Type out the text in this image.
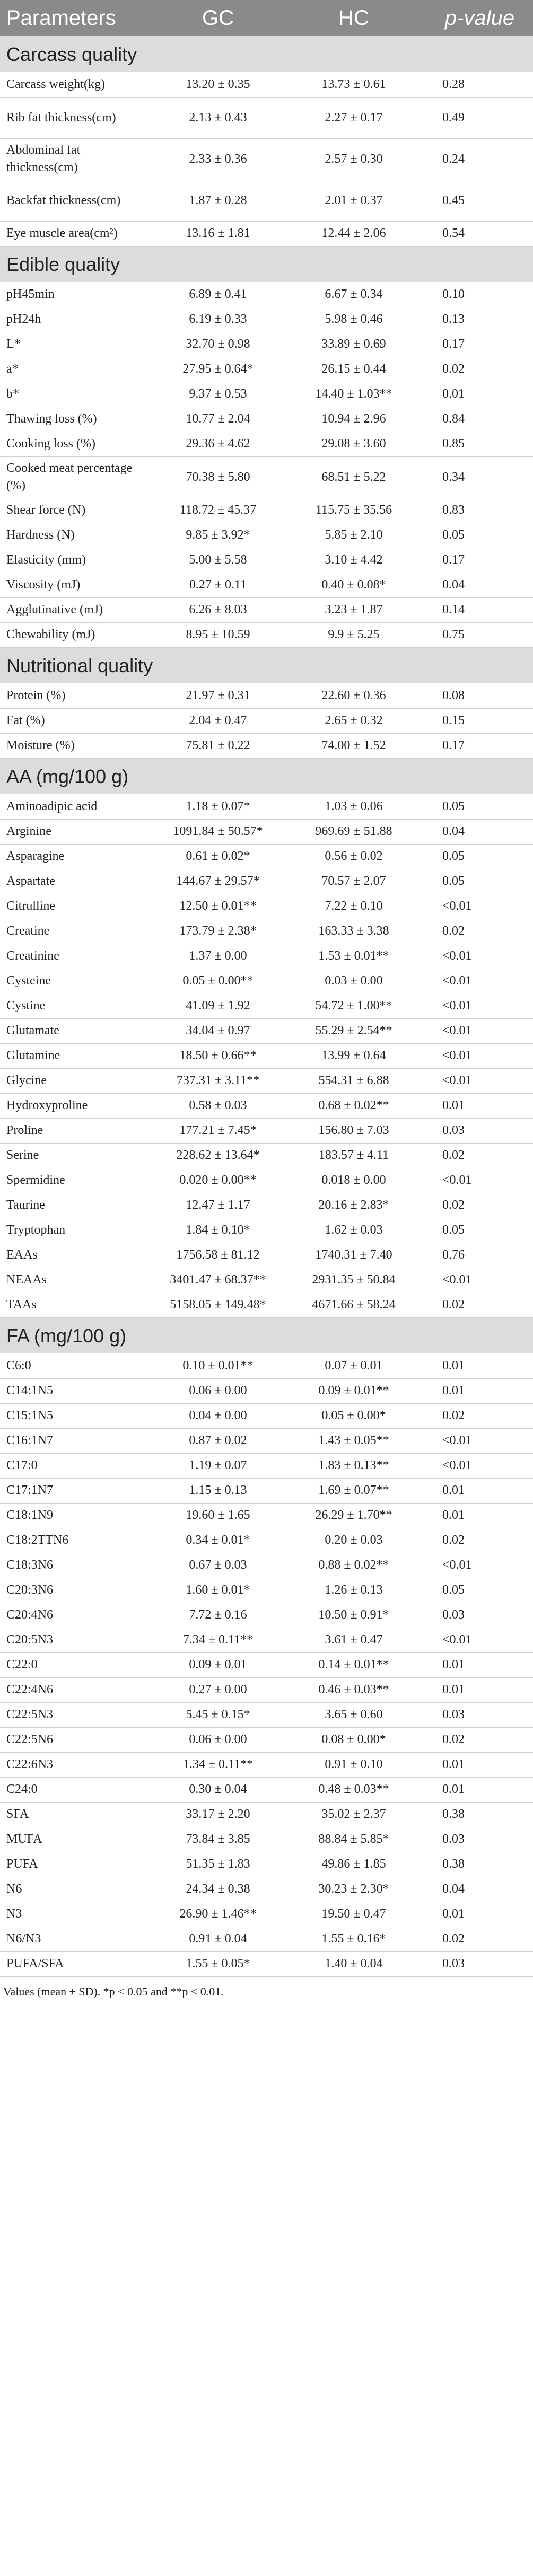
Parameters	GC	HC	p-value
Carcass quality			
Carcass weight(kg)	13.20 ± 0.35	13.73 ± 0.61	0.28
Rib fat thickness(cm)	2.13 ± 0.43	2.27 ± 0.17	0.49
Abdominal fat thickness(cm)	2.33 ± 0.36	2.57 ± 0.30	0.24
Backfat thickness(cm)	1.87 ± 0.28	2.01 ± 0.37	0.45
Eye muscle area(cm²)	13.16 ± 1.81	12.44 ± 2.06	0.54
Edible quality			
pH45min	6.89 ± 0.41	6.67 ± 0.34	0.10
pH24h	6.19 ± 0.33	5.98 ± 0.46	0.13
L*	32.70 ± 0.98	33.89 ± 0.69	0.17
a*	27.95 ± 0.64*	26.15 ± 0.44	0.02
b*	9.37 ± 0.53	14.40 ± 1.03**	0.01
Thawing loss (%)	10.77 ± 2.04	10.94 ± 2.96	0.84
Cooking loss (%)	29.36 ± 4.62	29.08 ± 3.60	0.85
Cooked meat percentage (%)	70.38 ± 5.80	68.51 ± 5.22	0.34
Shear force (N)	118.72 ± 45.37	115.75 ± 35.56	0.83
Hardness (N)	9.85 ± 3.92*	5.85 ± 2.10	0.05
Elasticity (mm)	5.00 ± 5.58	3.10 ± 4.42	0.17
Viscosity (mJ)	0.27 ± 0.11	0.40 ± 0.08*	0.04
Agglutinative (mJ)	6.26 ± 8.03	3.23 ± 1.87	0.14
Chewability (mJ)	8.95 ± 10.59	9.9 ± 5.25	0.75
Nutritional quality			
Protein (%)	21.97 ± 0.31	22.60 ± 0.36	0.08
Fat (%)	2.04 ± 0.47	2.65 ± 0.32	0.15
Moisture (%)	75.81 ± 0.22	74.00 ± 1.52	0.17
AA (mg/100 g)			
Aminoadipic acid	1.18 ± 0.07*	1.03 ± 0.06	0.05
Arginine	1091.84 ± 50.57*	969.69 ± 51.88	0.04
Asparagine	0.61 ± 0.02*	0.56 ± 0.02	0.05
Aspartate	144.67 ± 29.57*	70.57 ± 2.07	0.05
Citrulline	12.50 ± 0.01**	7.22 ± 0.10	<0.01
Creatine	173.79 ± 2.38*	163.33 ± 3.38	0.02
Creatinine	1.37 ± 0.00	1.53 ± 0.01**	<0.01
Cysteine	0.05 ± 0.00**	0.03 ± 0.00	<0.01
Cystine	41.09 ± 1.92	54.72 ± 1.00**	<0.01
Glutamate	34.04 ± 0.97	55.29 ± 2.54**	<0.01
Glutamine	18.50 ± 0.66**	13.99 ± 0.64	<0.01
Glycine	737.31 ± 3.11**	554.31 ± 6.88	<0.01
Hydroxyproline	0.58 ± 0.03	0.68 ± 0.02**	0.01
Proline	177.21 ± 7.45*	156.80 ± 7.03	0.03
Serine	228.62 ± 13.64*	183.57 ± 4.11	0.02
Spermidine	0.020 ± 0.00**	0.018 ± 0.00	<0.01
Taurine	12.47 ± 1.17	20.16 ± 2.83*	0.02
Tryptophan	1.84 ± 0.10*	1.62 ± 0.03	0.05
EAAs	1756.58 ± 81.12	1740.31 ± 7.40	0.76
NEAAs	3401.47 ± 68.37**	2931.35 ± 50.84	<0.01
TAAs	5158.05 ± 149.48*	4671.66 ± 58.24	0.02
FA (mg/100 g)			
C6:0	0.10 ± 0.01**	0.07 ± 0.01	0.01
C14:1N5	0.06 ± 0.00	0.09 ± 0.01**	0.01
C15:1N5	0.04 ± 0.00	0.05 ± 0.00*	0.02
C16:1N7	0.87 ± 0.02	1.43 ± 0.05**	<0.01
C17:0	1.19 ± 0.07	1.83 ± 0.13**	<0.01
C17:1N7	1.15 ± 0.13	1.69 ± 0.07**	0.01
C18:1N9	19.60 ± 1.65	26.29 ± 1.70**	0.01
C18:2TTN6	0.34 ± 0.01*	0.20 ± 0.03	0.02
C18:3N6	0.67 ± 0.03	0.88 ± 0.02**	<0.01
C20:3N6	1.60 ± 0.01*	1.26 ± 0.13	0.05
C20:4N6	7.72 ± 0.16	10.50 ± 0.91*	0.03
C20:5N3	7.34 ± 0.11**	3.61 ± 0.47	<0.01
C22:0	0.09 ± 0.01	0.14 ± 0.01**	0.01
C22:4N6	0.27 ± 0.00	0.46 ± 0.03**	0.01
C22:5N3	5.45 ± 0.15*	3.65 ± 0.60	0.03
C22:5N6	0.06 ± 0.00	0.08 ± 0.00*	0.02
C22:6N3	1.34 ± 0.11**	0.91 ± 0.10	0.01
C24:0	0.30 ± 0.04	0.48 ± 0.03**	0.01
SFA	33.17 ± 2.20	35.02 ± 2.37	0.38
MUFA	73.84 ± 3.85	88.84 ± 5.85*	0.03
PUFA	51.35 ± 1.83	49.86 ± 1.85	0.38
N6	24.34 ± 0.38	30.23 ± 2.30*	0.04
N3	26.90 ± 1.46**	19.50 ± 0.47	0.01
N6/N3	0.91 ± 0.04	1.55 ± 0.16*	0.02
PUFA/SFA	1.55 ± 0.05*	1.40 ± 0.04	0.03
Values (mean ± SD). *p < 0.05 and **p < 0.01.
